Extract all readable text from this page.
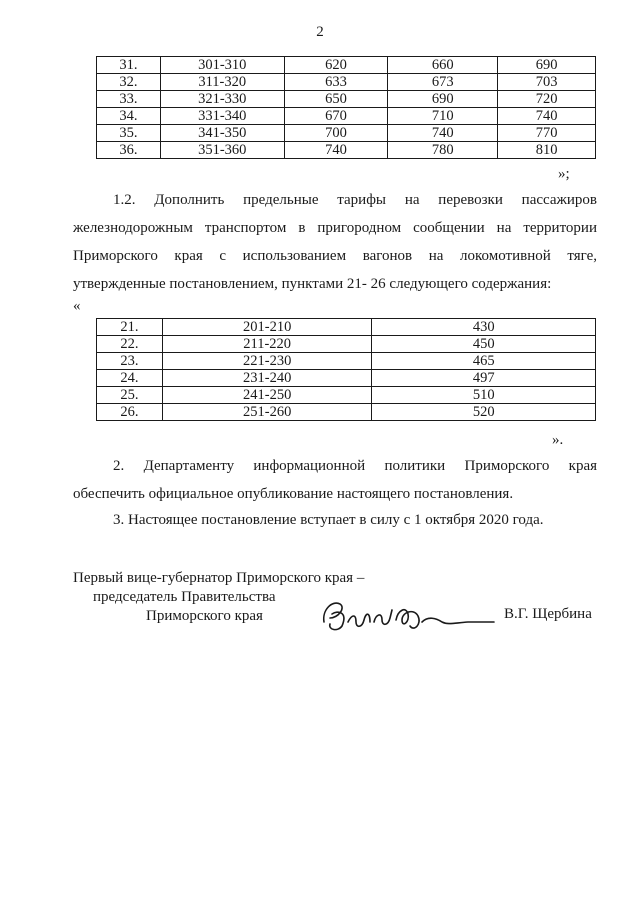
2
31.	301-310	620	660	690
32.	311-320	633	673	703
33.	321-330	650	690	720
34.	331-340	670	710	740
35.	341-350	700	740	770
36.	351-360	740	780	810
»;
1.2. Дополнить предельные тарифы на перевозки пассажиров
железнодорожным транспортом в пригородном сообщении на территории
Приморского края с использованием вагонов на локомотивной тяге,
утвержденные постановлением, пунктами 21- 26 следующего содержания:
«
21.	201-210	430
22.	211-220	450
23.	221-230	465
24.	231-240	497
25.	241-250	510
26.	251-260	520
».
2. Департаменту информационной политики Приморского края
обеспечить официальное опубликование настоящего постановления.
3. Настоящее постановление вступает в силу с 1 октября 2020 года.
Первый вице-губернатор Приморского края –
председатель Правительства
Приморского края	В.Г. Щербина
